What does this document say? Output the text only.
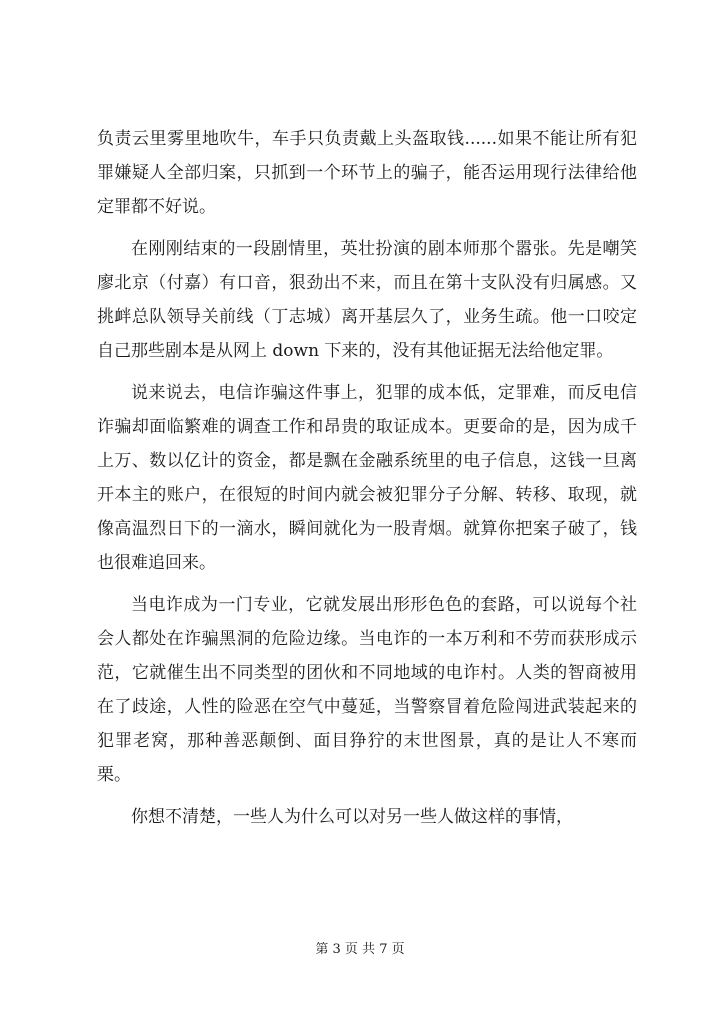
负责云里雾里地吹牛，车手只负责戴上头盔取钱......如果不能让所有犯罪嫌疑人全部归案，只抓到一个环节上的骗子，能否运用现行法律给他定罪都不好说。

在刚刚结束的一段剧情里，英壮扮演的剧本师那个嚣张。先是嘲笑廖北京（付嘉）有口音，狠劲出不来，而且在第十支队没有归属感。又挑衅总队领导关前线（丁志城）离开基层久了，业务生疏。他一口咬定自己那些剧本是从网上 down 下来的，没有其他证据无法给他定罪。

说来说去，电信诈骗这件事上，犯罪的成本低，定罪难，而反电信诈骗却面临繁难的调查工作和昂贵的取证成本。更要命的是，因为成千上万、数以亿计的资金，都是飘在金融系统里的电子信息，这钱一旦离开本主的账户，在很短的时间内就会被犯罪分子分解、转移、取现，就像高温烈日下的一滴水，瞬间就化为一股青烟。就算你把案子破了，钱也很难追回来。

当电诈成为一门专业，它就发展出形形色色的套路，可以说每个社会人都处在诈骗黑洞的危险边缘。当电诈的一本万利和不劳而获形成示范，它就催生出不同类型的团伙和不同地域的电诈村。人类的智商被用在了歧途，人性的险恶在空气中蔓延，当警察冒着危险闯进武装起来的犯罪老窝，那种善恶颠倒、面目狰狞的末世图景，真的是让人不寒而栗。

你想不清楚，一些人为什么可以对另一些人做这样的事情，

第 3 页 共 7 页
